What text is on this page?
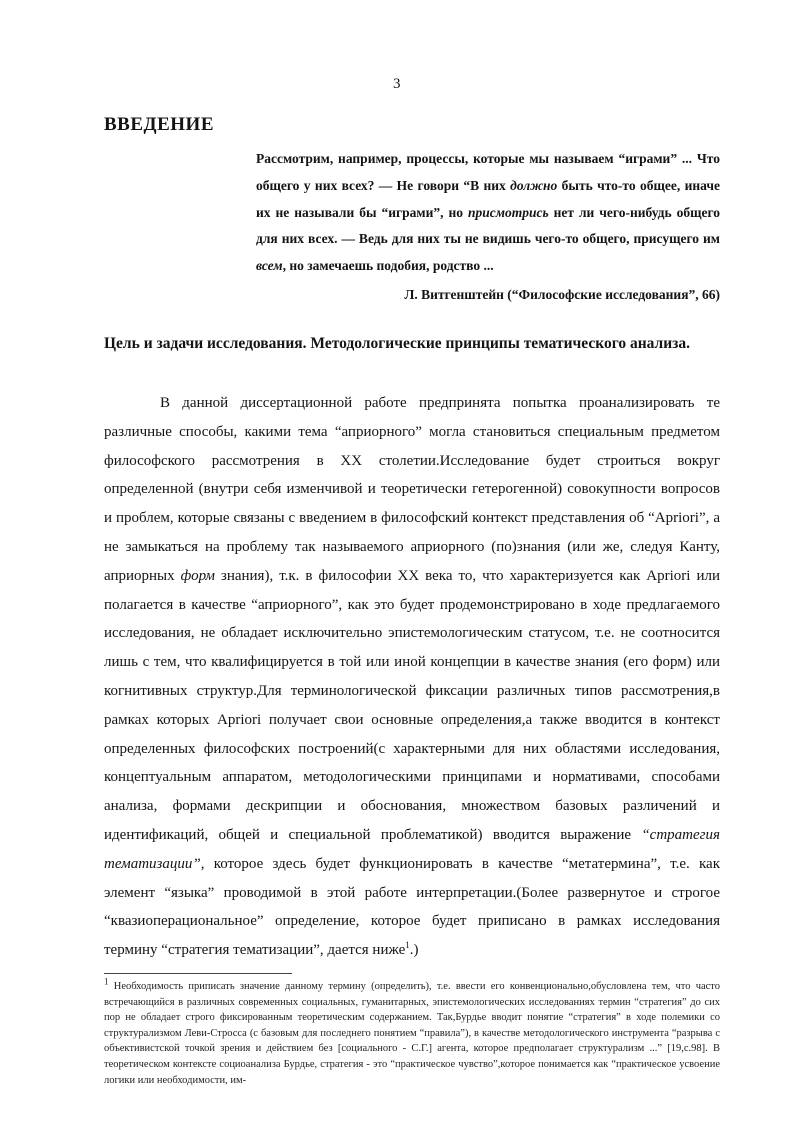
3
ВВЕДЕНИЕ

Рассмотрим, например, процессы, которые мы называем “играми” ... Что общего у них всех? — Не говори “В них должно быть что-то общее, иначе их не называли бы “играми”, но присмотрись нет ли чего-нибудь общего для них всех. — Ведь для них ты не видишь чего-то общего, присущего им всем, но замечаешь подобия, родство ...

Л. Витгенштейн (“Философские исследования”, 66)

Цель и задачи исследования. Методологические принципы тематического анализа.

В данной диссертационной работе предпринята попытка проанализировать те различные способы, какими тема “априорного” могла становиться специальным предметом философского рассмотрения в XX столетии.Исследование будет строиться вокруг определенной (внутри себя изменчивой и теоретически гетерогенной) совокупности вопросов и проблем, которые связаны с введением в философский контекст представления об “Apriori”, а не замыкаться на проблему так называемого априорного (по)знания (или же, следуя Канту, априорных форм знания), т.к. в философии XX века то, что характеризуется как Apriori или полагается в качестве “априорного”, как это будет продемонстрировано в ходе предлагаемого исследования, не обладает исключительно эпистемологическим статусом, т.е. не соотносится лишь с тем, что квалифицируется в той или иной концепции в качестве знания (его форм) или когнитивных структур.Для терминологической фиксации различных типов рассмотрения,в рамках которых Apriori получает свои основные определения,а также вводится в контекст определенных философских построений(с характерными для них областями исследования, концептуальным аппаратом, методологическими принципами и нормативами, способами анализа, формами дескрипции и обоснования, множеством базовых различений и идентификаций, общей и специальной проблематикой) вводится выражение “стратегия тематизации”, которое здесь будет функционировать в качестве “метатермина”, т.е. как элемент “языка” проводимой в этой работе интерпретации.(Более развернутое и строгое “квазиоперациональное” определение, которое будет приписано в рамках исследования термину “стратегия тематизации”, дается ниже$^1$.)

$^1$ Необходимость приписать значение данному термину (определить), т.е. ввести его конвенционально,обусловлена тем, что часто встречающийся в различных современных социальных, гуманитарных, эпистемологических исследованиях термин “стратегия” до сих пор не обладает строго фиксированным теоретическим содержанием. Так,Бурдье вводит понятие “стратегия” в ходе полемики со структурализмом Леви-Стросса (с базовым для последнего понятием “правила”), в качестве методологического инструмента “разрыва с объективистской точкой зрения и действием без [социального - С.Г.] агента, которое предполагает структурализм ...” [19,с.98]. В теоретическом контексте социоанализа Бурдье, стратегия - это “практическое чувство”,которое понимается как “практическое усвоение логики или необходимости, им-
